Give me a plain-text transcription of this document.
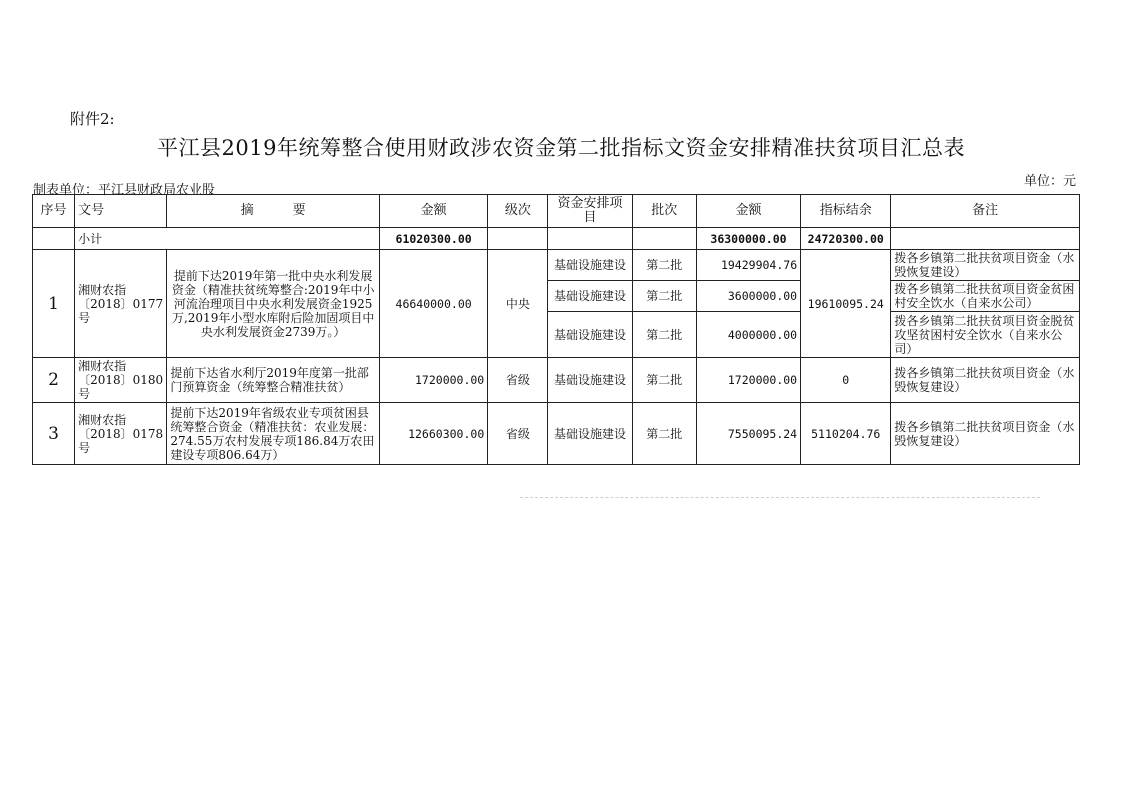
附件2:
平江县2019年统筹整合使用财政涉农资金第二批指标文资金安排精准扶贫项目汇总表
制表单位：平江县财政局农业股
单位：元
序号	文号	摘　　　要	金额	级次	资金安排项目	批次	金额	指标结余	备注
	小计		61020300.00				36300000.00	24720300.00	
1	湘财农指〔2018〕0177号	提前下达2019年第一批中央水利发展资金（精准扶贫统筹整合:2019年中小河流治理项目中央水利发展资金1925万,2019年小型水库附后险加固项目中央水利发展资金2739万。）	46640000.00	中央	基础设施建设	第二批	19429904.76	19610095.24	拨各乡镇第二批扶贫项目资金（水毁恢复建设）
					基础设施建设	第二批	3600000.00		拨各乡镇第二批扶贫项目资金贫困村安全饮水（自来水公司）
					基础设施建设	第二批	4000000.00		拨各乡镇第二批扶贫项目资金脱贫攻坚贫困村安全饮水（自来水公司）
2	湘财农指〔2018〕0180号	提前下达省水利厅2019年度第一批部门预算资金（统筹整合精准扶贫）	1720000.00	省级	基础设施建设	第二批	1720000.00	0	拨各乡镇第二批扶贫项目资金（水毁恢复建设）
3	湘财农指〔2018〕0178号	提前下达2019年省级农业专项贫困县统筹整合资金（精准扶贫：农业发展：274.55万农村发展专项186.84万农田建设专项806.64万）	12660300.00	省级	基础设施建设	第二批	7550095.24	5110204.76	拨各乡镇第二批扶贫项目资金（水毁恢复建设）
